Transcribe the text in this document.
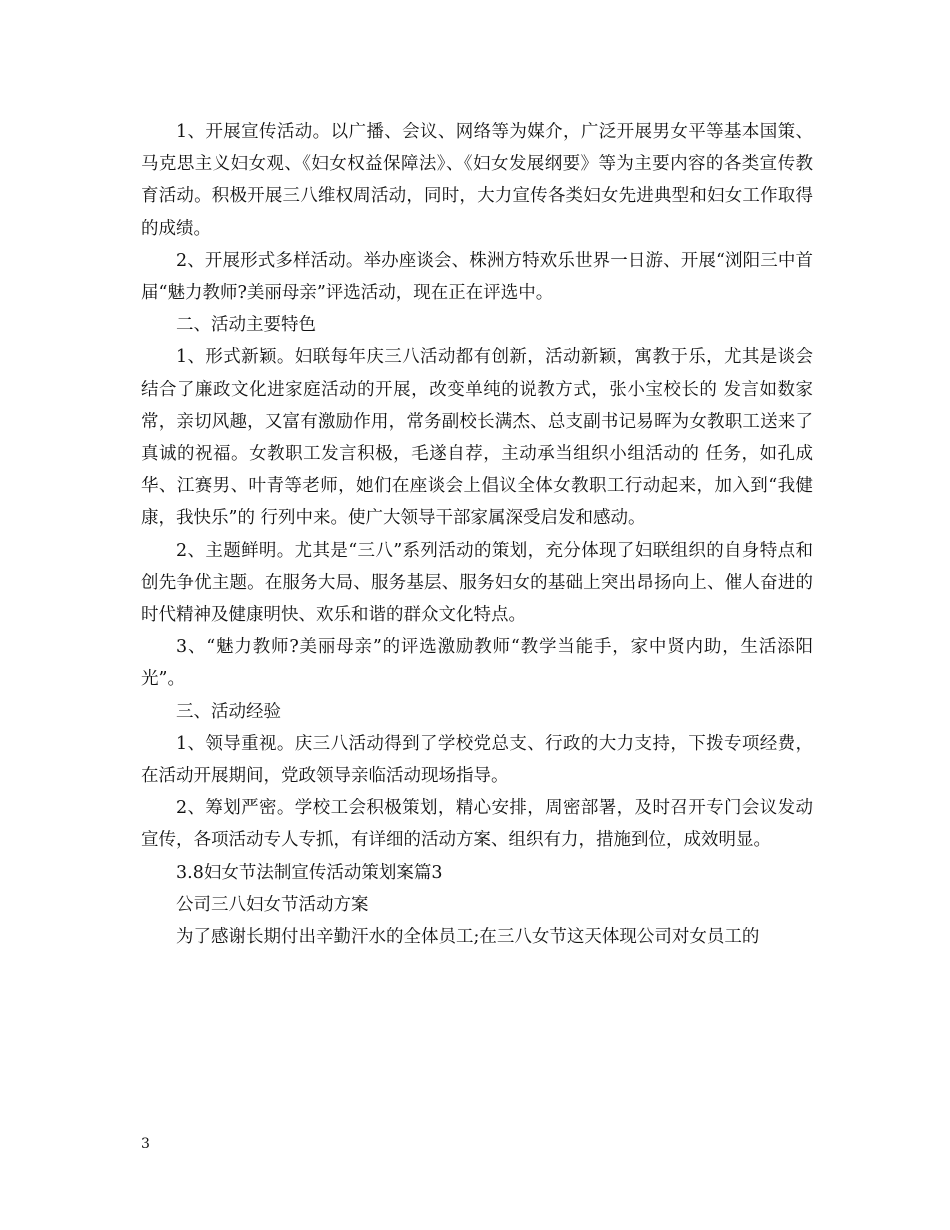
1、开展宣传活动。以广播、会议、网络等为媒介，广泛开展男女平等基本国策、马克思主义妇女观、《妇女权益保障法》、《妇女发展纲要》等为主要内容的各类宣传教育活动。积极开展三八维权周活动，同时，大力宣传各类妇女先进典型和妇女工作取得的成绩。

2、开展形式多样活动。举办座谈会、株洲方特欢乐世界一日游、开展“浏阳三中首届“魅力教师?美丽母亲”评选活动，现在正在评选中。

二、活动主要特色

1、形式新颖。妇联每年庆三八活动都有创新，活动新颖，寓教于乐，尤其是谈会结合了廉政文化进家庭活动的开展，改变单纯的说教方式，张小宝校长的 发言如数家常，亲切风趣，又富有激励作用，常务副校长满杰、总支副书记易晖为女教职工送来了真诚的祝福。女教职工发言积极，毛遂自荐，主动承当组织小组活动的 任务，如孔成华、江赛男、叶青等老师，她们在座谈会上倡议全体女教职工行动起来，加入到“我健康，我快乐”的 行列中来。使广大领导干部家属深受启发和感动。

2、主题鲜明。尤其是“三八”系列活动的策划，充分体现了妇联组织的自身特点和创先争优主题。在服务大局、服务基层、服务妇女的基础上突出昂扬向上、催人奋进的时代精神及健康明快、欢乐和谐的群众文化特点。

3、“魅力教师?美丽母亲”的评选激励教师“教学当能手，家中贤内助，生活添阳光”。

三、活动经验

1、领导重视。庆三八活动得到了学校党总支、行政的大力支持，下拨专项经费，在活动开展期间，党政领导亲临活动现场指导。

2、筹划严密。学校工会积极策划，精心安排，周密部署，及时召开专门会议发动宣传，各项活动专人专抓，有详细的活动方案、组织有力，措施到位，成效明显。

3.8妇女节法制宣传活动策划案篇3

公司三八妇女节活动方案

为了感谢长期付出辛勤汗水的全体员工;在三八女节这天体现公司对女员工的

3
